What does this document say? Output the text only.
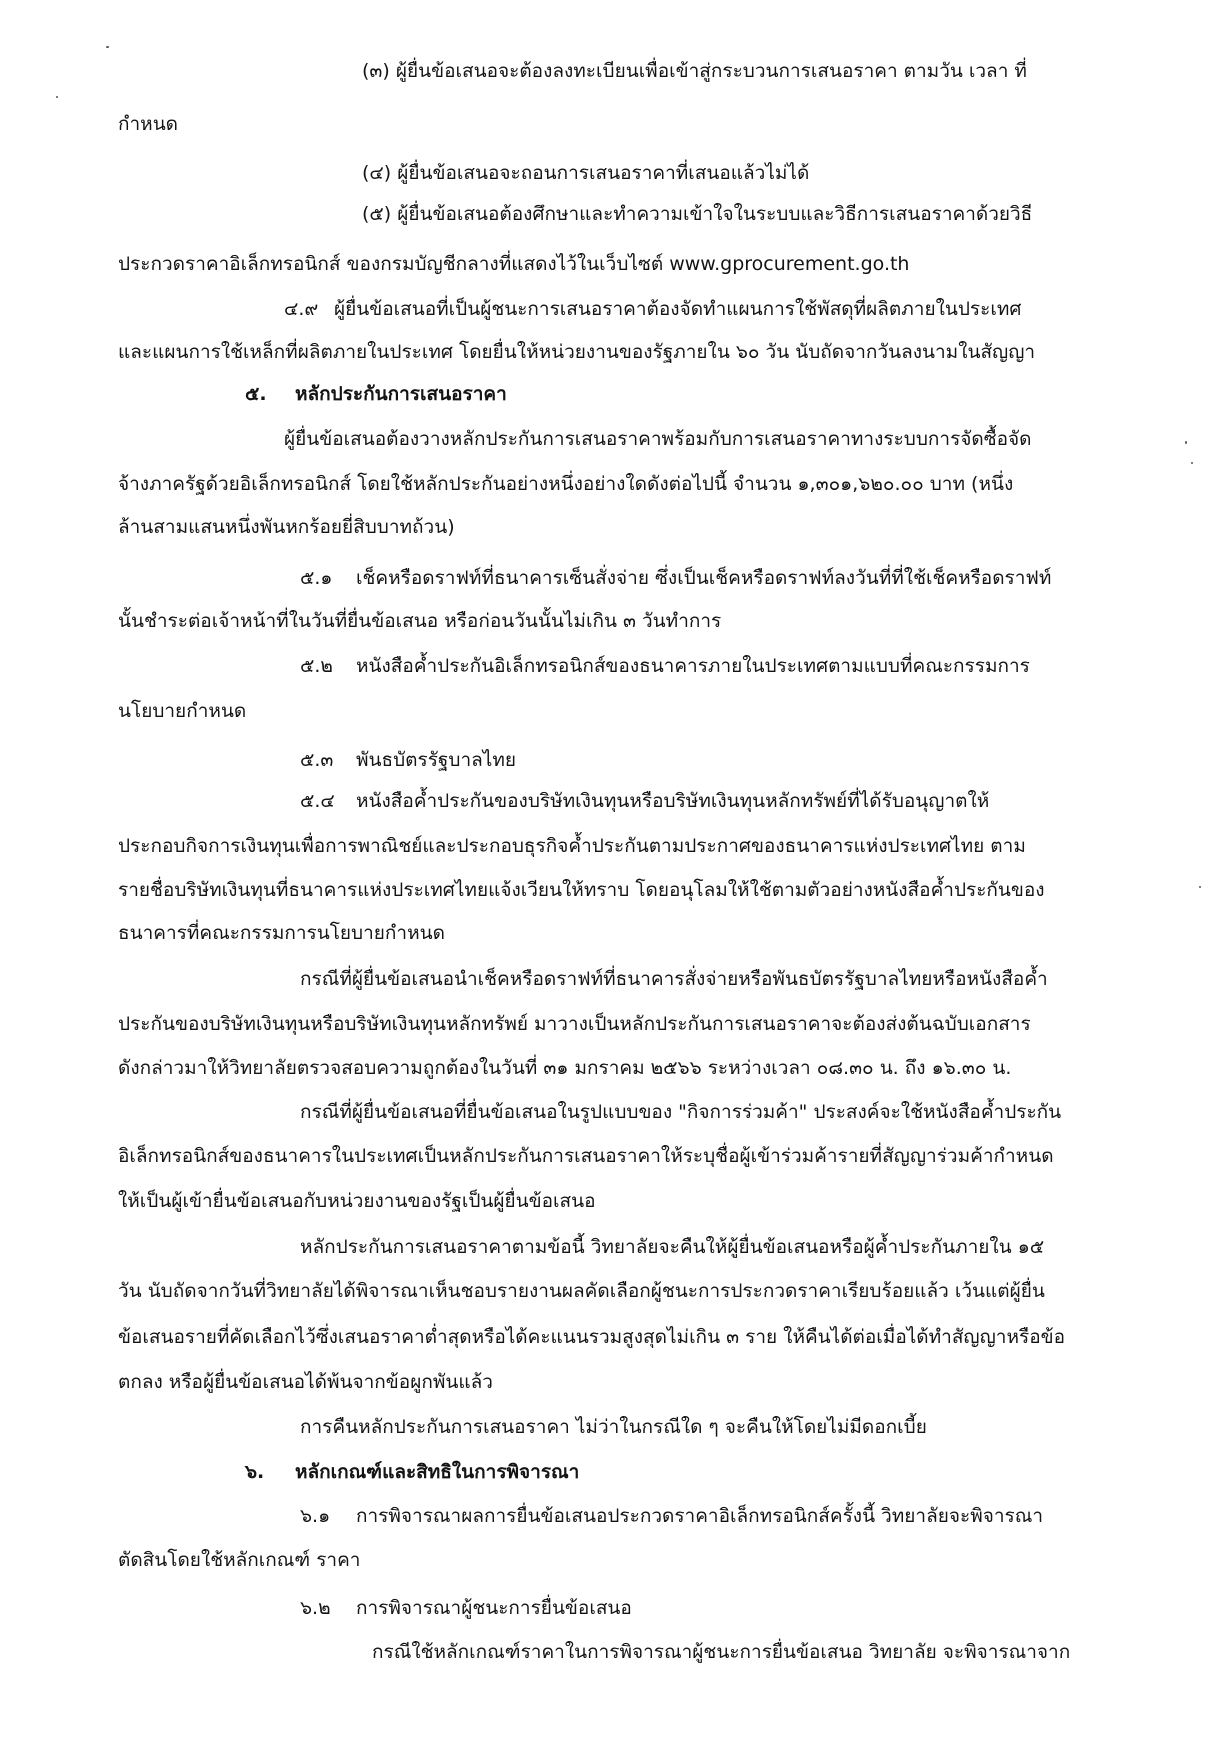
(๓) ผู้ยื่นข้อเสนอจะต้องลงทะเบียนเพื่อเข้าสู่กระบวนการเสนอราคา ตามวัน เวลา ที่

กำหนด

(๔) ผู้ยื่นข้อเสนอจะถอนการเสนอราคาที่เสนอแล้วไม่ได้

(๕) ผู้ยื่นข้อเสนอต้องศึกษาและทำความเข้าใจในระบบและวิธีการเสนอราคาด้วยวิธี

ประกวดราคาอิเล็กทรอนิกส์ ของกรมบัญชีกลางที่แสดงไว้ในเว็บไซต์ www.gprocurement.go.th

๔.๙ ผู้ยื่นข้อเสนอที่เป็นผู้ชนะการเสนอราคาต้องจัดทำแผนการใช้พัสดุที่ผลิตภายในประเทศ

และแผนการใช้เหล็กที่ผลิตภายในประเทศ โดยยื่นให้หน่วยงานของรัฐภายใน ๖๐ วัน นับถัดจากวันลงนามในสัญญา

๕. หลักประกันการเสนอราคา

ผู้ยื่นข้อเสนอต้องวางหลักประกันการเสนอราคาพร้อมกับการเสนอราคาทางระบบการจัดซื้อจัด

จ้างภาครัฐด้วยอิเล็กทรอนิกส์ โดยใช้หลักประกันอย่างหนึ่งอย่างใดดังต่อไปนี้ จำนวน ๑,๓๐๑,๖๒๐.๐๐ บาท (หนึ่ง

ล้านสามแสนหนึ่งพันหกร้อยยี่สิบบาทถ้วน)

๕.๑ เช็คหรือดราฟท์ที่ธนาคารเซ็นสั่งจ่าย ซึ่งเป็นเช็คหรือดราฟท์ลงวันที่ที่ใช้เช็คหรือดราฟท์

นั้นชำระต่อเจ้าหน้าที่ในวันที่ยื่นข้อเสนอ หรือก่อนวันนั้นไม่เกิน ๓ วันทำการ

๕.๒ หนังสือค้ำประกันอิเล็กทรอนิกส์ของธนาคารภายในประเทศตามแบบที่คณะกรรมการ

นโยบายกำหนด

๕.๓ พันธบัตรรัฐบาลไทย

๕.๔ หนังสือค้ำประกันของบริษัทเงินทุนหรือบริษัทเงินทุนหลักทรัพย์ที่ได้รับอนุญาตให้

ประกอบกิจการเงินทุนเพื่อการพาณิชย์และประกอบธุรกิจค้ำประกันตามประกาศของธนาคารแห่งประเทศไทย ตาม

รายชื่อบริษัทเงินทุนที่ธนาคารแห่งประเทศไทยแจ้งเวียนให้ทราบ โดยอนุโลมให้ใช้ตามตัวอย่างหนังสือค้ำประกันของ

ธนาคารที่คณะกรรมการนโยบายกำหนด

กรณีที่ผู้ยื่นข้อเสนอนำเช็คหรือดราฟท์ที่ธนาคารสั่งจ่ายหรือพันธบัตรรัฐบาลไทยหรือหนังสือค้ำ

ประกันของบริษัทเงินทุนหรือบริษัทเงินทุนหลักทรัพย์ มาวางเป็นหลักประกันการเสนอราคาจะต้องส่งต้นฉบับเอกสาร

ดังกล่าวมาให้วิทยาลัยตรวจสอบความถูกต้องในวันที่ ๓๑ มกราคม ๒๕๖๖ ระหว่างเวลา ๐๘.๓๐ น. ถึง ๑๖.๓๐ น.

กรณีที่ผู้ยื่นข้อเสนอที่ยื่นข้อเสนอในรูปแบบของ "กิจการร่วมค้า" ประสงค์จะใช้หนังสือค้ำประกัน

อิเล็กทรอนิกส์ของธนาคารในประเทศเป็นหลักประกันการเสนอราคาให้ระบุชื่อผู้เข้าร่วมค้ารายที่สัญญาร่วมค้ากำหนด

ให้เป็นผู้เข้ายื่นข้อเสนอกับหน่วยงานของรัฐเป็นผู้ยื่นข้อเสนอ

หลักประกันการเสนอราคาตามข้อนี้ วิทยาลัยจะคืนให้ผู้ยื่นข้อเสนอหรือผู้ค้ำประกันภายใน ๑๕

วัน นับถัดจากวันที่วิทยาลัยได้พิจารณาเห็นชอบรายงานผลคัดเลือกผู้ชนะการประกวดราคาเรียบร้อยแล้ว เว้นแต่ผู้ยื่น

ข้อเสนอรายที่คัดเลือกไว้ซึ่งเสนอราคาต่ำสุดหรือได้คะแนนรวมสูงสุดไม่เกิน ๓ ราย ให้คืนได้ต่อเมื่อได้ทำสัญญาหรือข้อ

ตกลง หรือผู้ยื่นข้อเสนอได้พ้นจากข้อผูกพันแล้ว

การคืนหลักประกันการเสนอราคา ไม่ว่าในกรณีใด ๆ จะคืนให้โดยไม่มีดอกเบี้ย

๖. หลักเกณฑ์และสิทธิในการพิจารณา

๖.๑ การพิจารณาผลการยื่นข้อเสนอประกวดราคาอิเล็กทรอนิกส์ครั้งนี้ วิทยาลัยจะพิจารณา

ตัดสินโดยใช้หลักเกณฑ์ ราคา

๖.๒ การพิจารณาผู้ชนะการยื่นข้อเสนอ

กรณีใช้หลักเกณฑ์ราคาในการพิจารณาผู้ชนะการยื่นข้อเสนอ วิทยาลัย จะพิจารณาจาก
